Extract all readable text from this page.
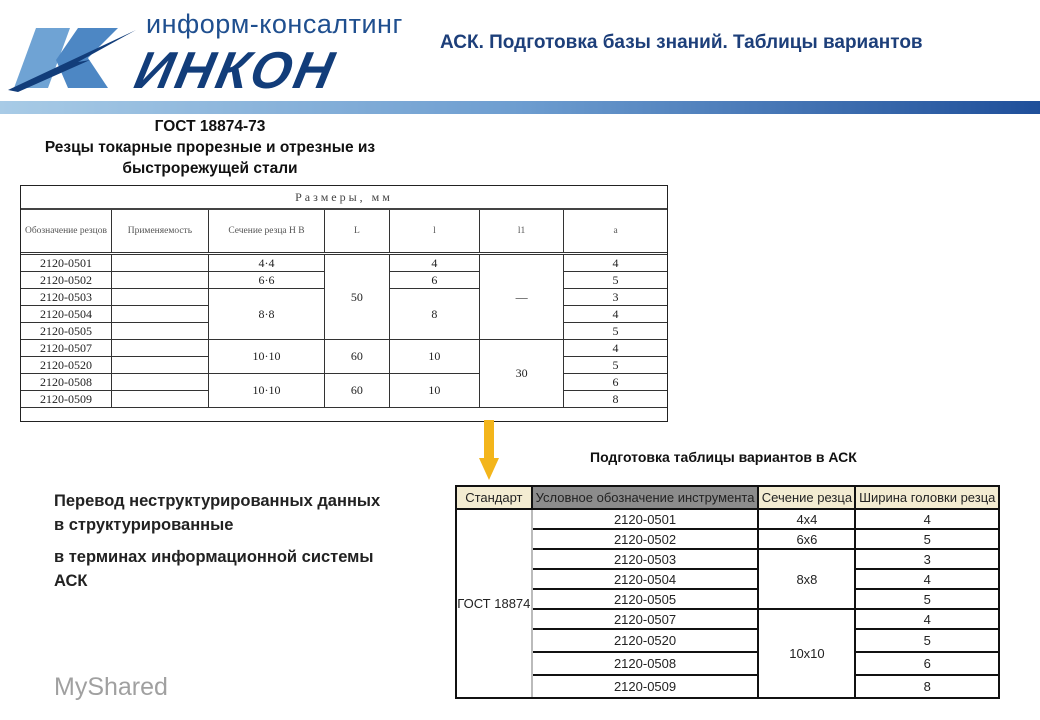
информ-консалтинг
ИНКОН	АСК. Подготовка базы знаний. Таблицы вариантов
ГОСТ 18874-73
Резцы токарные прорезные и отрезные из быстрорежущей стали
Размеры, мм
Обозначение резцов	Применяемость	Сечение резца H B	L	l	l1	a
2120-0501		4·4	50	4	—	4
2120-0502		6·6		6		5
2120-0503		8·8		8		3
2120-0504						4
2120-0505						5
2120-0507		10·10	60	10	30	4
2120-0520						5
2120-0508		10·10	60	10		6
2120-0509						8
Подготовка таблицы вариантов в АСК

Перевод неструктурированных данных в структурированные

в терминах информационной системы АСК

Стандарт	Условное обозначение инструмента	Сечение резца	Ширина головки резца
ГОСТ 18874	2120-0501	4x4	4
	2120-0502	6x6	5
	2120-0503	8x8	3
	2120-0504		4
	2120-0505		5
	2120-0507	10x10	4
	2120-0520		5
	2120-0508		6
	2120-0509		8
MyShared
